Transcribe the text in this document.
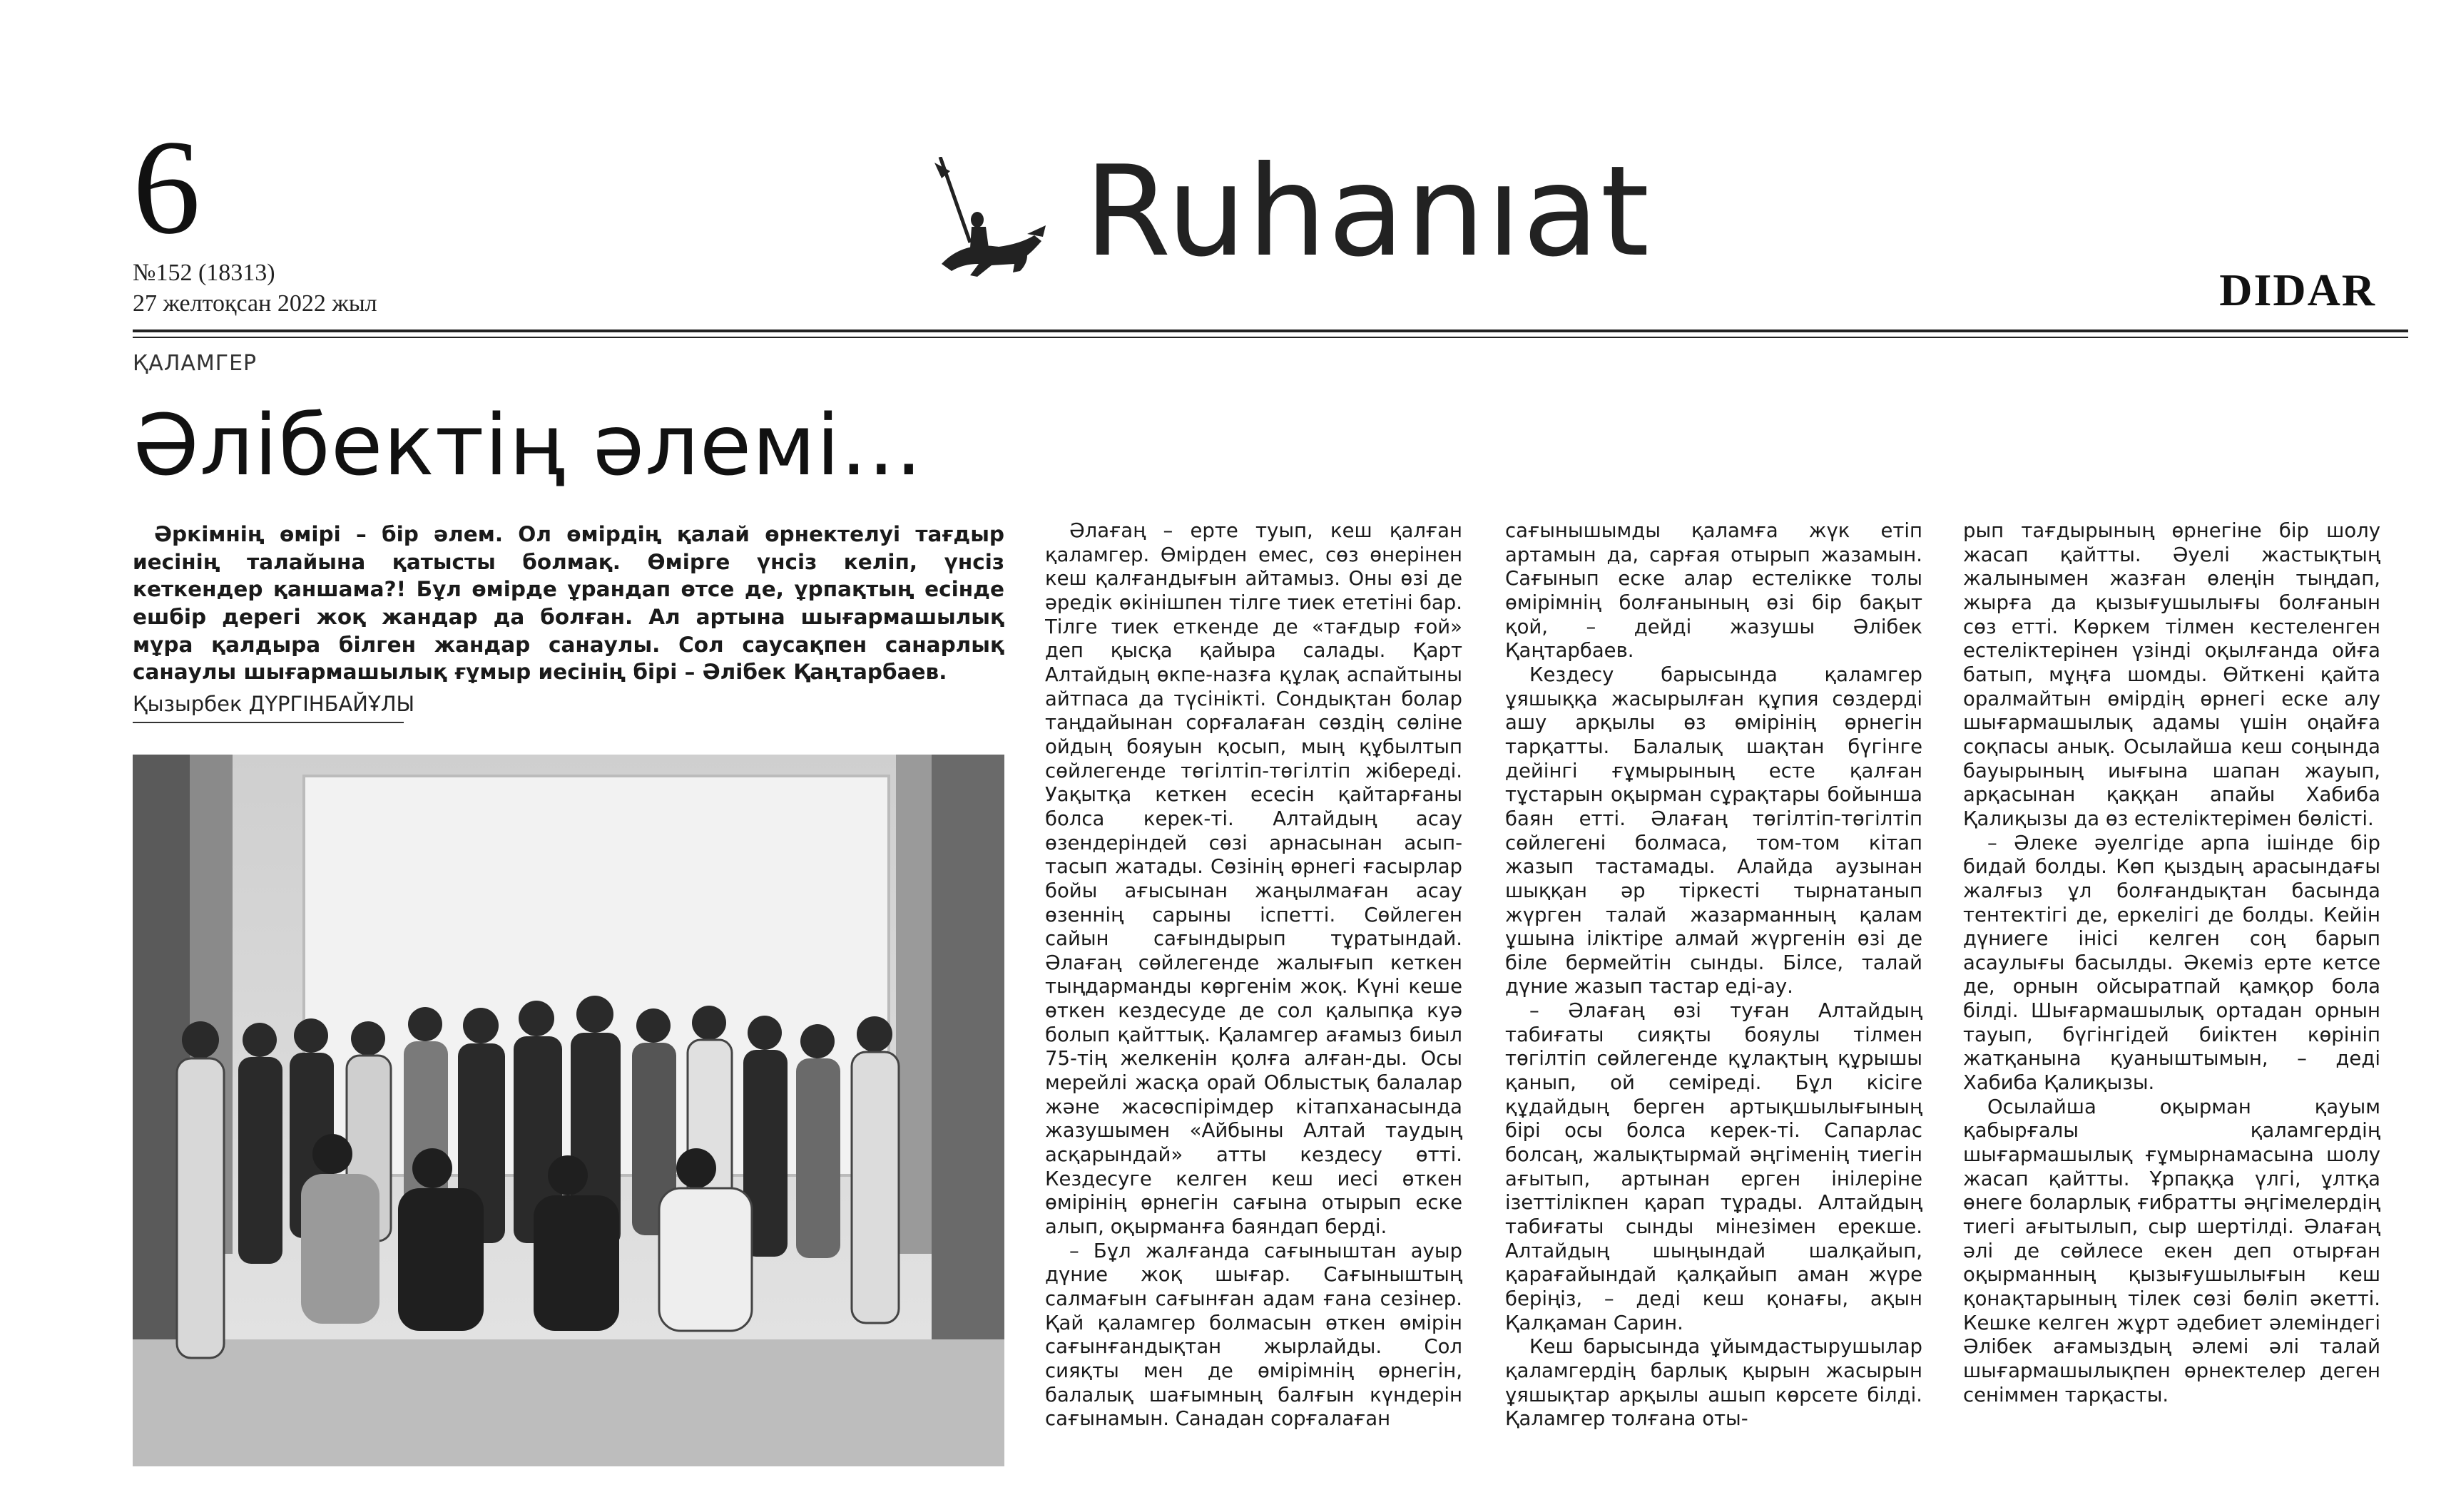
6
№152 (18313)
27 желтоқсан 2022 жыл
Ruhanıat
DIDAR
ҚАЛАМГЕР
Әлібектің әлемі...
Әркімнің өмірі – бір әлем. Ол өмірдің қалай өрнектелуі тағдыр иесінің талайына қатысты болмақ. Өмірге үнсіз келіп, үнсіз кеткендер қаншама?! Бұл өмірде ұрандап өтсе де, ұрпақтың есінде ешбір дерегі жоқ жандар да болған. Ал артына шығармашылық мұра қалдыра білген жандар санаулы. Сол саусақпен санарлық санаулы шығармашылық ғұмыр иесінің бірі – Әлібек Қаңтарбаев.
Қызырбек ДҮРГІНБАЙҰЛЫ

Әлағаң – ерте туып, кеш қалған қаламгер. Өмірден емес, сөз өнерінен кеш қалғандығын айтамыз. Оны өзі де әредік өкінішпен тілге тиек ететіні бар. Тілге тиек еткенде де «тағдыр ғой» деп қысқа қайыра салады. Қарт Алтайдың өкпе-назға құлақ аспайтыны айтпаса да түсінікті. Сондықтан болар таңдайынан сорғалаған сөздің сөліне ойдың бояуын қосып, мың құбылтып сөйлегенде төгілтіп-төгілтіп жібереді. Уақытқа кеткен есесін қайтарғаны болса керек-ті. Алтайдың асау өзендеріндей сөзі арнасынан асып-тасып жатады. Сөзінің өрнегі ғасырлар бойы ағысынан жаңылмаған асау өзеннің сарыны іспетті. Сөйлеген сайын сағындырып тұратындай. Әлағаң сөйлегенде жалығып кеткен тыңдарманды көргенім жоқ. Күні кеше өткен кездесуде де сол қалыпқа куә болып қайттық. Қаламгер ағамыз биыл 75-тің желкенін қолға алған-ды. Осы мерейлі жасқа орай Облыстық балалар және жасөспірімдер кітапханасында жазушымен «Айбыны Алтай таудың асқарындай» атты кездесу өтті. Кездесуге келген кеш иесі өткен өмірінің өрнегін сағына отырып еске алып, оқырманға баяндап берді.

– Бұл жалғанда сағыныштан ауыр дүние жоқ шығар. Сағыныштың салмағын сағынған адам ғана сезінер. Қай қаламгер болмасын өткен өмірін сағынғандықтан жырлайды. Сол сияқты мен де өмірімнің өрнегін, балалық шағымның балғын күндерін сағынамын. Санадан сорғалаған

сағынышымды қаламға жүк етіп артамын да, сарғая отырып жазамын. Сағынып еске алар естелікке толы өмірімнің болғанының өзі бір бақыт қой, – дейді жазушы Әлібек Қаңтарбаев.

Кездесу барысында қаламгер ұяшыққа жасырылған құпия сөздерді ашу арқылы өз өмірінің өрнегін тарқатты. Балалық шақтан бүгінге дейінгі ғұмырының есте қалған тұстарын оқырман сұрақтары бойынша баян етті. Әлағаң төгілтіп-төгілтіп сөйлегені болмаса, том-том кітап жазып тастамады. Алайда аузынан шыққан әр тіркесті тырнатанып жүрген талай жазарманның қалам ұшына іліктіре алмай жүргенін өзі де біле бермейтін сынды. Білсе, талай дүние жазып тастар еді-ау.

– Әлағаң өзі туған Алтайдың табиғаты сияқты бояулы тілмен төгілтіп сөйлегенде құлақтың құрышы қанып, ой семіреді. Бұл кісіге құдайдың берген артықшылығының бірі осы болса керек-ті. Сапарлас болсаң, жалықтырмай әңгіменің тиегін ағытып, артынан ерген інілеріне ізеттілікпен қарап тұрады. Алтайдың табиғаты сынды мінезімен ерекше. Алтайдың шыңындай шалқайып, қарағайындай қалқайып аман жүре беріңіз, – деді кеш қонағы, ақын Қалқаман Сарин.

Кеш барысында ұйымдастырушылар қаламгердің барлық қырын жасырын ұяшықтар арқылы ашып көрсете білді. Қаламгер толғана оты-

рып тағдырының өрнегіне бір шолу жасап қайтты. Әуелі жастықтың жалынымен жазған өлеңін тыңдап, жырға да қызығушылығы болғанын сөз етті. Көркем тілмен кестеленген естеліктерінен үзінді оқылғанда ойға батып, мұңға шомды. Өйткені қайта оралмайтын өмірдің өрнегі еске алу шығармашылық адамы үшін оңайға соқпасы анық. Осылайша кеш соңында бауырының иығына шапан жауып, арқасынан қаққан апайы Хабиба Қалиқызы да өз естеліктерімен бөлісті.

– Әлеке әуелгіде арпа ішінде бір бидай болды. Көп қыздың арасындағы жалғыз ұл болғандықтан басында тентектігі де, еркелігі де болды. Кейін дүниеге інісі келген соң барып асаулығы басылды. Әкеміз ерте кетсе де, орнын ойсыратпай қамқор бола білді. Шығармашылық ортадан орнын тауып, бүгінгідей биіктен көрініп жатқанына қуаныштымын, – деді Хабиба Қалиқызы.

Осылайша оқырман қауым қабырғалы қаламгердің шығармашылық ғұмырнамасына шолу жасап қайтты. Ұрпаққа үлгі, ұлтқа өнеге боларлық ғибратты әңгімелердің тиегі ағытылып, сыр шертілді. Әлағаң әлі де сөйлесе екен деп отырған оқырманның қызығушылығын кеш қонақтарының тілек сөзі бөліп әкетті. Кешке келген жұрт әдебиет әлеміндегі Әлібек ағамыздың әлемі әлі талай шығармашылықпен өрнектелер деген сеніммен тарқасты.
